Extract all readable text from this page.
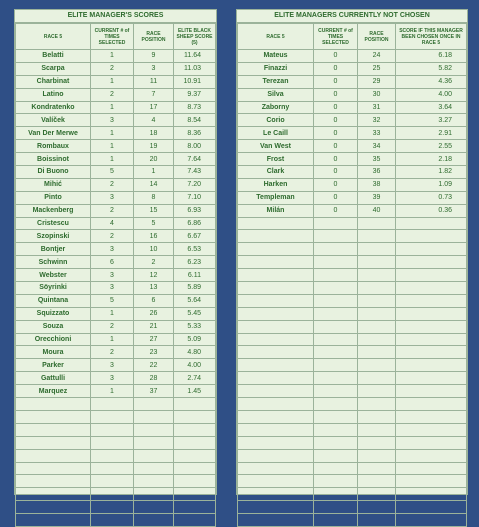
ELITE MANAGER'S SCORES
RACE 5	CURRENT # of TIMES SELECTED	RACE POSITION	ELITE BLACK SHEEP SCORE (5)
Belatti	1	9	11.64
Scarpa	2	3	11.03
Charbinat	1	11	10.91
Latino	2	7	9.37
Kondratenko	1	17	8.73
Valíček	3	4	8.54
Van Der Merwe	1	18	8.36
Rombaux	1	19	8.00
Boissinot	1	20	7.64
Di Buono	5	1	7.43
Mihić	2	14	7.20
Pinto	3	8	7.10
Mackenberg	2	15	6.93
Cristescu	4	5	6.86
Szopinski	2	16	6.67
Bontjer	3	10	6.53
Schwinn	6	2	6.23
Webster	3	12	6.11
Söyrinki	3	13	5.89
Quintana	5	6	5.64
Squizzato	1	26	5.45
Souza	2	21	5.33
Orecchioni	1	27	5.09
Moura	2	23	4.80
Parker	3	22	4.00
Gattulli	3	28	2.74
Marquez	1	37	1.45

ELITE MANAGERS CURRENTLY NOT CHOSEN
RACE 5	CURRENT # of TIMES SELECTED	RACE POSITION	SCORE IF THIS MANAGER BEEN CHOSEN ONCE IN RACE 5
Mateus	0	24	6.18
Finazzi	0	25	5.82
Terezan	0	29	4.36
Silva	0	30	4.00
Zaborny	0	31	3.64
Corio	0	32	3.27
Le Caill	0	33	2.91
Van West	0	34	2.55
Frost	0	35	2.18
Clark	0	36	1.82
Harken	0	38	1.09
Templeman	0	39	0.73
Milán	0	40	0.36
